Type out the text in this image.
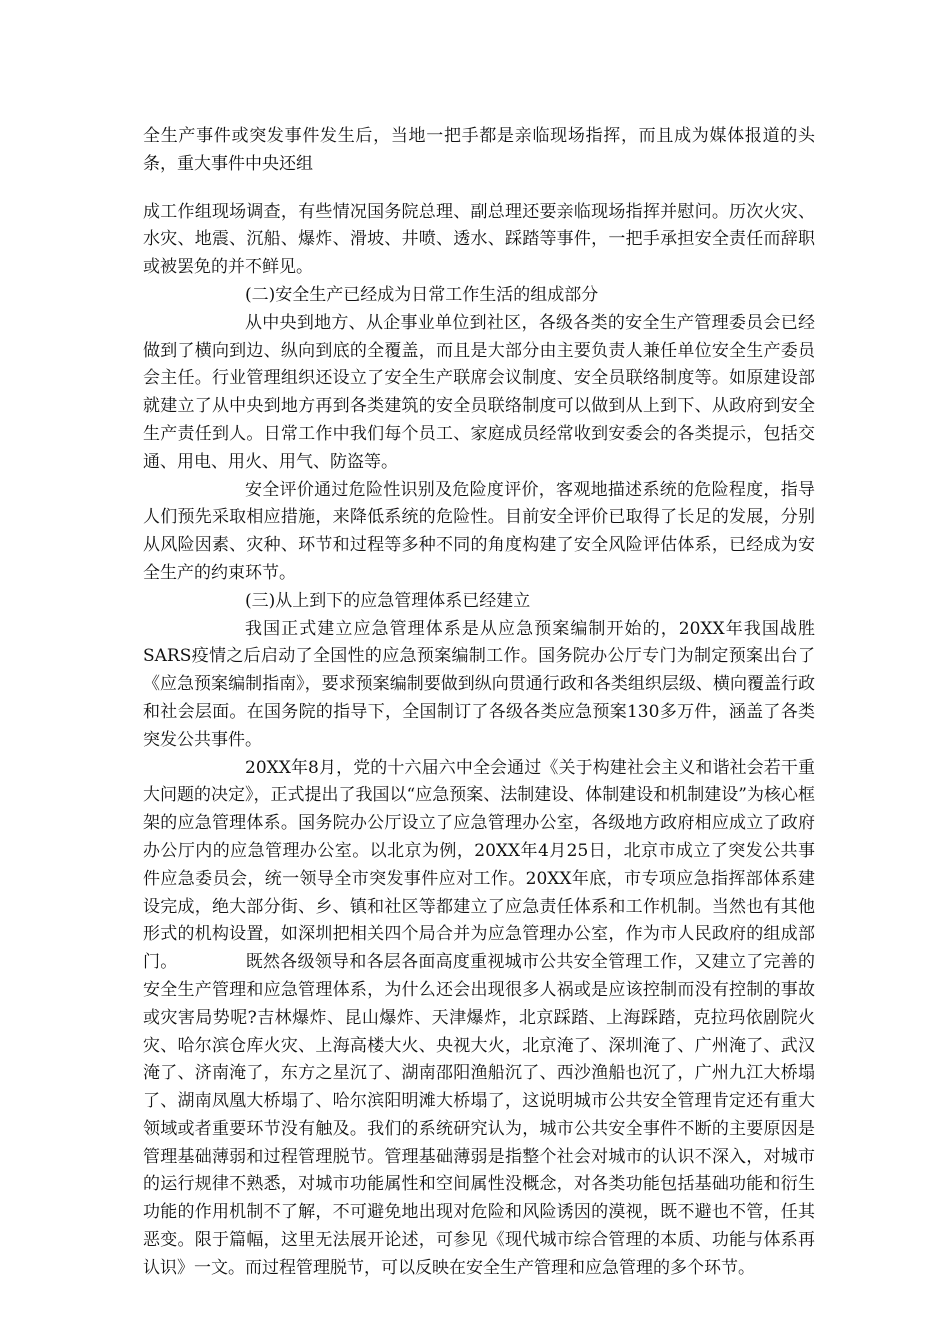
全生产事件或突发事件发生后，当地一把手都是亲临现场指挥，而且成为媒体报道的头条，重大事件中央还组

成工作组现场调查，有些情况国务院总理、副总理还要亲临现场指挥并慰问。历次火灾、水灾、地震、沉船、爆炸、滑坡、井喷、透水、踩踏等事件，一把手承担安全责任而辞职或被罢免的并不鲜见。

(二)安全生产已经成为日常工作生活的组成部分

从中央到地方、从企事业单位到社区，各级各类的安全生产管理委员会已经做到了横向到边、纵向到底的全覆盖，而且是大部分由主要负责人兼任单位安全生产委员会主任。行业管理组织还设立了安全生产联席会议制度、安全员联络制度等。如原建设部就建立了从中央到地方再到各类建筑的安全员联络制度可以做到从上到下、从政府到安全生产责任到人。日常工作中我们每个员工、家庭成员经常收到安委会的各类提示，包括交通、用电、用火、用气、防盗等。

安全评价通过危险性识别及危险度评价，客观地描述系统的危险程度，指导人们预先采取相应措施，来降低系统的危险性。目前安全评价已取得了长足的发展，分别从风险因素、灾种、环节和过程等多种不同的角度构建了安全风险评估体系，已经成为安全生产的约束环节。

(三)从上到下的应急管理体系已经建立

我国正式建立应急管理体系是从应急预案编制开始的，20XX年我国战胜SARS疫情之后启动了全国性的应急预案编制工作。国务院办公厅专门为制定预案出台了《应急预案编制指南》，要求预案编制要做到纵向贯通行政和各类组织层级、横向覆盖行政和社会层面。在国务院的指导下，全国制订了各级各类应急预案130多万件，涵盖了各类突发公共事件。

20XX年8月，党的十六届六中全会通过《关于构建社会主义和谐社会若干重大问题的决定》，正式提出了我国以“应急预案、法制建设、体制建设和机制建设”为核心框架的应急管理体系。国务院办公厅设立了应急管理办公室，各级地方政府相应成立了政府办公厅内的应急管理办公室。以北京为例，20XX年4月25日，北京市成立了突发公共事件应急委员会，统一领导全市突发事件应对工作。20XX年底，市专项应急指挥部体系建设完成，绝大部分街、乡、镇和社区等都建立了应急责任体系和工作机制。当然也有其他形式的机构设置，如深圳把相关四个局合并为应急管理办公室，作为市人民政府的组成部门。	既然各级领导和各层各面高度重视城市公共安全管理工作，又建立了完善的安全生产管理和应急管理体系，为什么还会出现很多人祸或是应该控制而没有控制的事故或灾害局势呢?吉林爆炸、昆山爆炸、天津爆炸，北京踩踏、上海踩踏，克拉玛依剧院火灾、哈尔滨仓库火灾、上海高楼大火、央视大火，北京淹了、深圳淹了、广州淹了、武汉淹了、济南淹了，东方之星沉了、湖南邵阳渔船沉了、西沙渔船也沉了，广州九江大桥塌了、湖南凤凰大桥塌了、哈尔滨阳明滩大桥塌了，这说明城市公共安全管理肯定还有重大领域或者重要环节没有触及。我们的系统研究认为，城市公共安全事件不断的主要原因是管理基础薄弱和过程管理脱节。管理基础薄弱是指整个社会对城市的认识不深入，对城市的运行规律不熟悉，对城市功能属性和空间属性没概念，对各类功能包括基础功能和衍生功能的作用机制不了解，不可避免地出现对危险和风险诱因的漠视，既不避也不管，任其恶变。限于篇幅，这里无法展开论述，可参见《现代城市综合管理的本质、功能与体系再认识》一文。而过程管理脱节，可以反映在安全生产管理和应急管理的多个环节。
